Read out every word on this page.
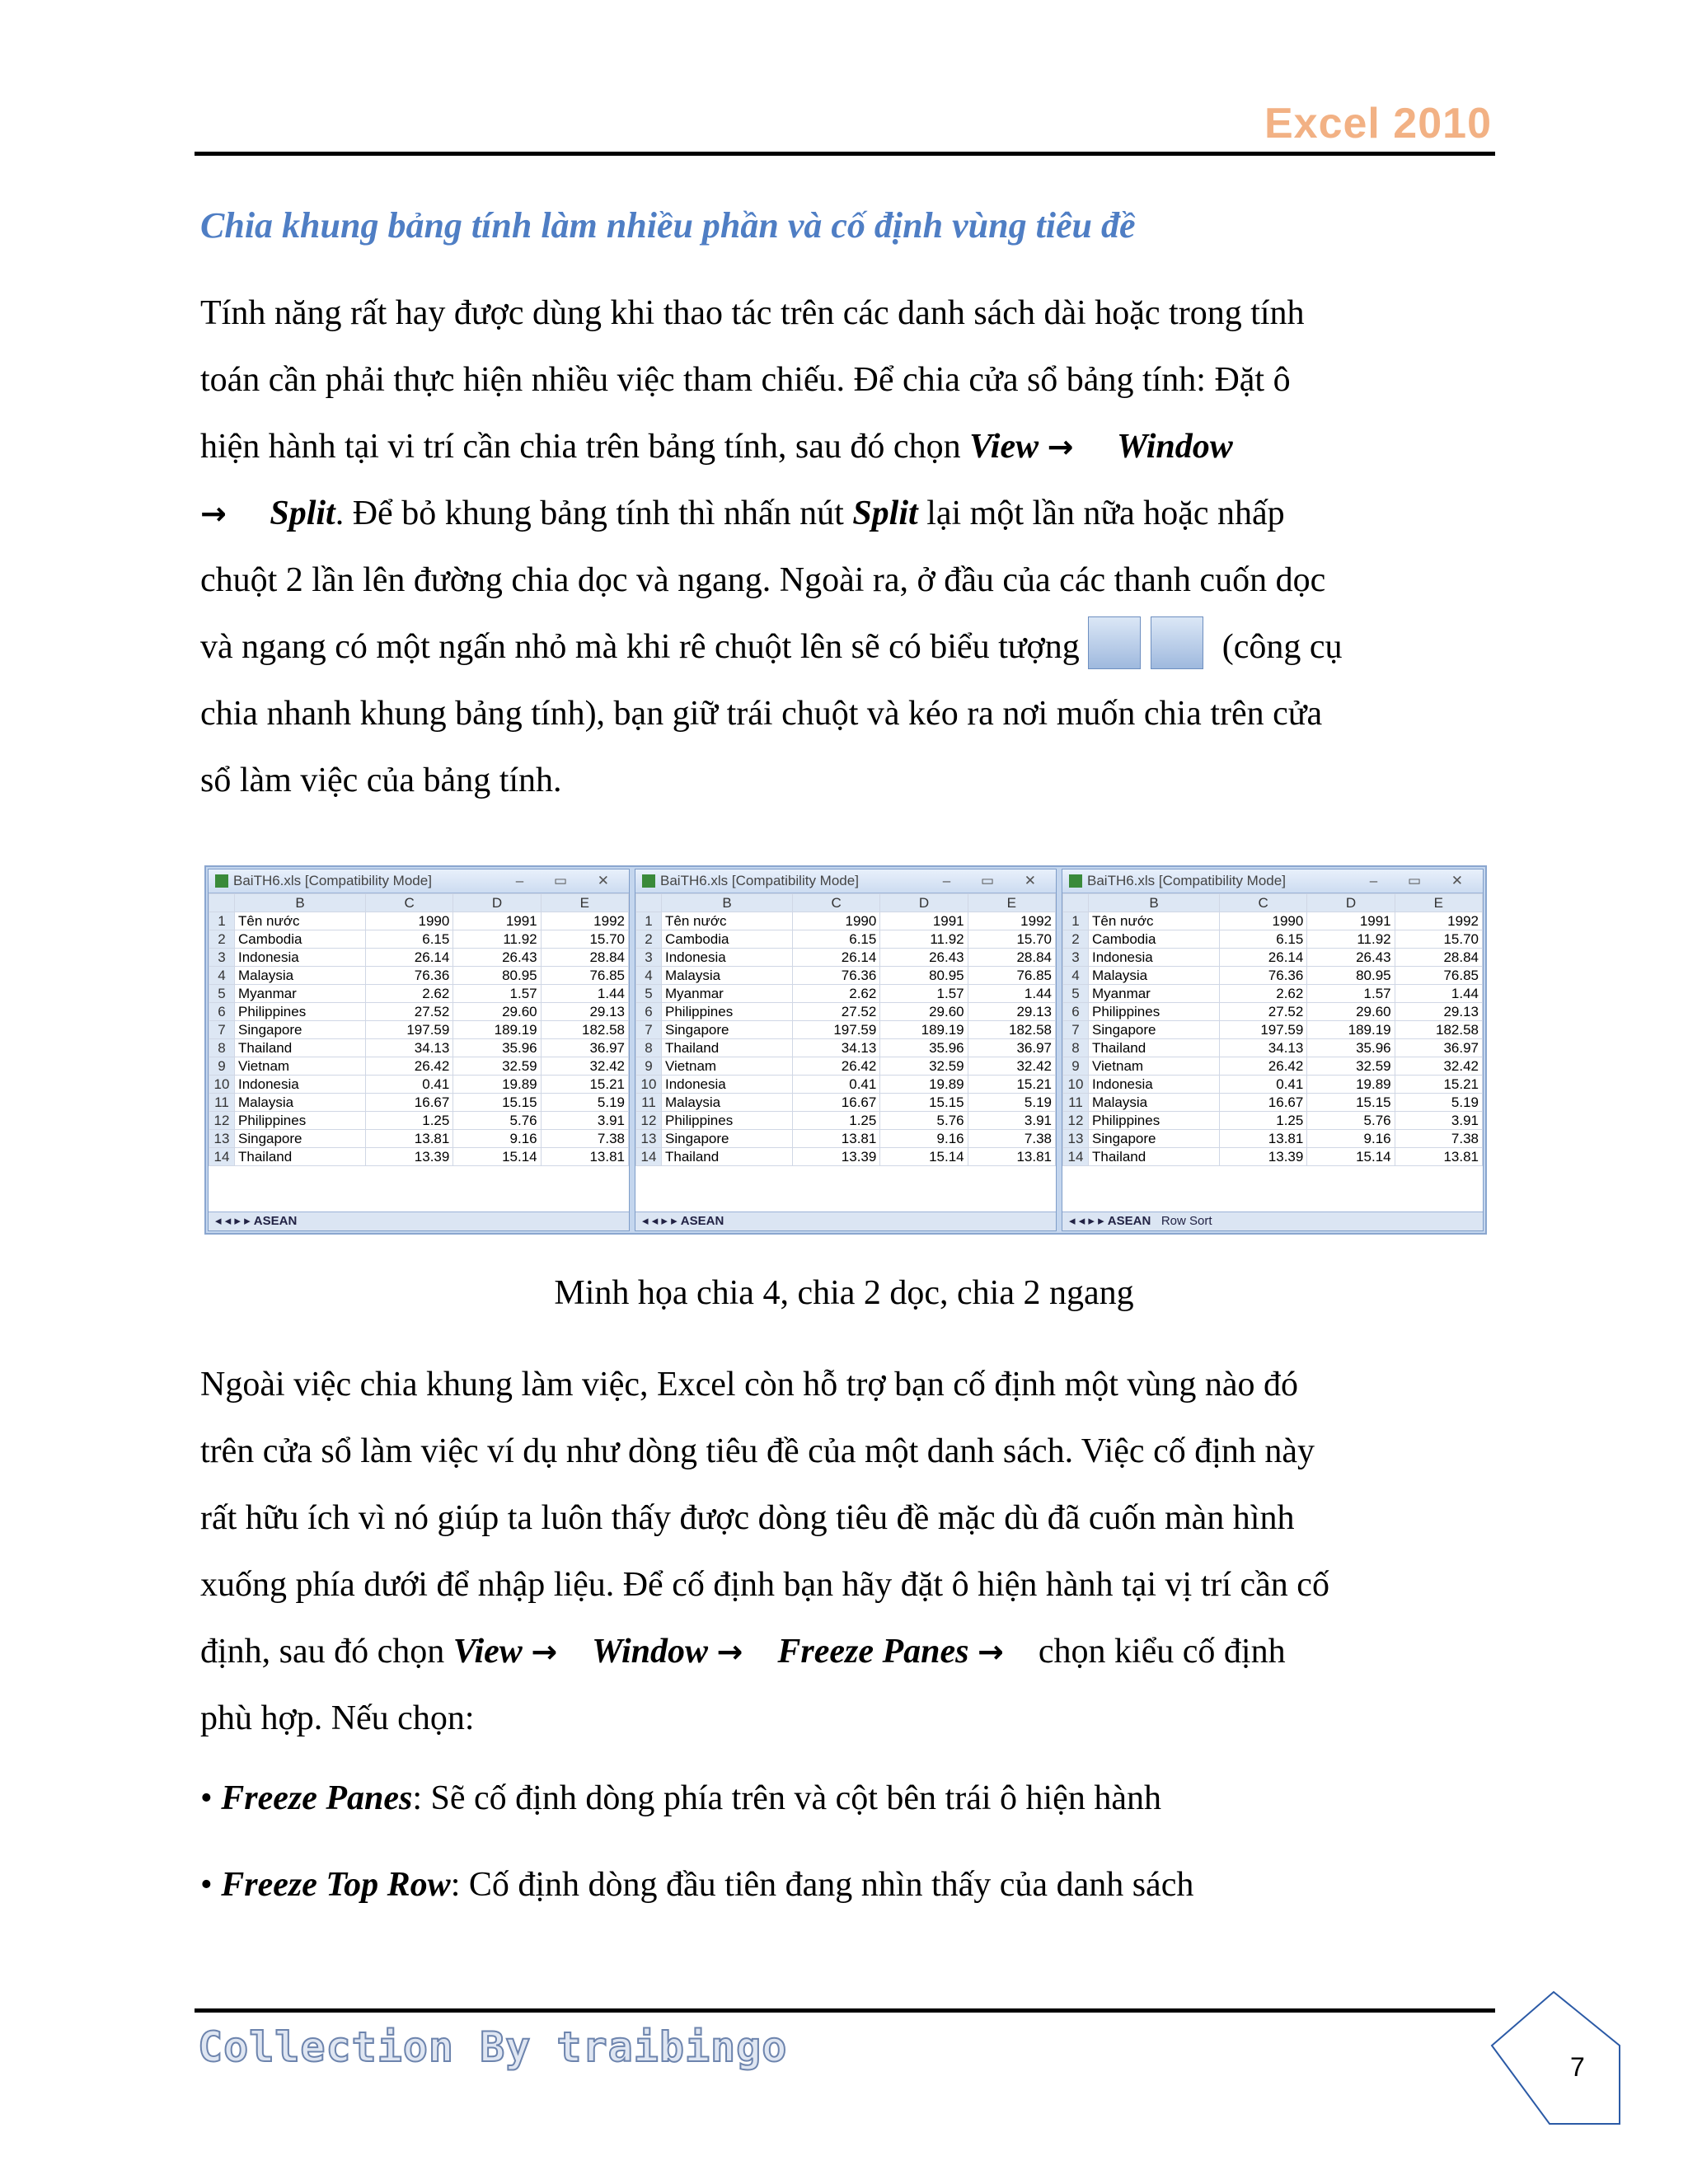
Excel 2010
Chia khung bảng tính làm nhiều phần và cố định vùng tiêu đề

Tính năng rất hay được dùng khi thao tác trên các danh sách dài hoặc trong tính
toán cần phải thực hiện nhiều việc tham chiếu. Để chia cửa sổ bảng tính: Đặt ô
hiện hành tại vi trí cần chia trên bảng tính, sau đó chọn View → Window
→ Split. Để bỏ khung bảng tính thì nhấn nút Split lại một lần nữa hoặc nhấp
chuột 2 lần lên đường chia dọc và ngang. Ngoài ra, ở đầu của các thanh cuốn dọc
và ngang có một ngấn nhỏ mà khi rê chuột lên sẽ có biểu tượng	(công cụ
chia nhanh khung bảng tính), bạn giữ trái chuột và kéo ra nơi muốn chia trên cửa
sổ làm việc của bảng tính.

BaiTH6.xls [Compatibility Mode]	– ▭ ✕
	B	C	D	E
1	Tên nước	1990	1991	1992
2	Cambodia	6.15	11.92	15.70
3	Indonesia	26.14	26.43	28.84
4	Malaysia	76.36	80.95	76.85
5	Myanmar	2.62	1.57	1.44
6	Philippines	27.52	29.60	29.13
7	Singapore	197.59	189.19	182.58
8	Thailand	34.13	35.96	36.97
9	Vietnam	26.42	32.59	32.42
10	Indonesia	0.41	19.89	15.21
11	Malaysia	16.67	15.15	5.19
12	Philippines	1.25	5.76	3.91
13	Singapore	13.81	9.16	7.38
14	Thailand	13.39	15.14	13.81
◂ ◂ ▸ ▸ ASEAN
BaiTH6.xls [Compatibility Mode]	– ▭ ✕
	B	C	D	E
1	Tên nước	1990	1991	1992
2	Cambodia	6.15	11.92	15.70
3	Indonesia	26.14	26.43	28.84
4	Malaysia	76.36	80.95	76.85
5	Myanmar	2.62	1.57	1.44
6	Philippines	27.52	29.60	29.13
7	Singapore	197.59	189.19	182.58
8	Thailand	34.13	35.96	36.97
9	Vietnam	26.42	32.59	32.42
10	Indonesia	0.41	19.89	15.21
11	Malaysia	16.67	15.15	5.19
12	Philippines	1.25	5.76	3.91
13	Singapore	13.81	9.16	7.38
14	Thailand	13.39	15.14	13.81
◂ ◂ ▸ ▸ ASEAN
BaiTH6.xls [Compatibility Mode]	– ▭ ✕
	B	C	D	E
1	Tên nước	1990	1991	1992
2	Cambodia	6.15	11.92	15.70
3	Indonesia	26.14	26.43	28.84
4	Malaysia	76.36	80.95	76.85
5	Myanmar	2.62	1.57	1.44
6	Philippines	27.52	29.60	29.13
7	Singapore	197.59	189.19	182.58
8	Thailand	34.13	35.96	36.97
9	Vietnam	26.42	32.59	32.42
10	Indonesia	0.41	19.89	15.21
11	Malaysia	16.67	15.15	5.19
12	Philippines	1.25	5.76	3.91
13	Singapore	13.81	9.16	7.38
14	Thailand	13.39	15.14	13.81
◂ ◂ ▸ ▸ ASEAN Row Sort

Minh họa chia 4, chia 2 dọc, chia 2 ngang

Ngoài việc chia khung làm việc, Excel còn hỗ trợ bạn cố định một vùng nào đó
trên cửa sổ làm việc ví dụ như dòng tiêu đề của một danh sách. Việc cố định này
rất hữu ích vì nó giúp ta luôn thấy được dòng tiêu đề mặc dù đã cuốn màn hình
xuống phía dưới để nhập liệu. Để cố định bạn hãy đặt ô hiện hành tại vị trí cần cố
định, sau đó chọn View → Window → Freeze Panes → chọn kiểu cố định
phù hợp. Nếu chọn:

• Freeze Panes: Sẽ cố định dòng phía trên và cột bên trái ô hiện hành

• Freeze Top Row: Cố định dòng đầu tiên đang nhìn thấy của danh sách

Collection By traibingo	7
